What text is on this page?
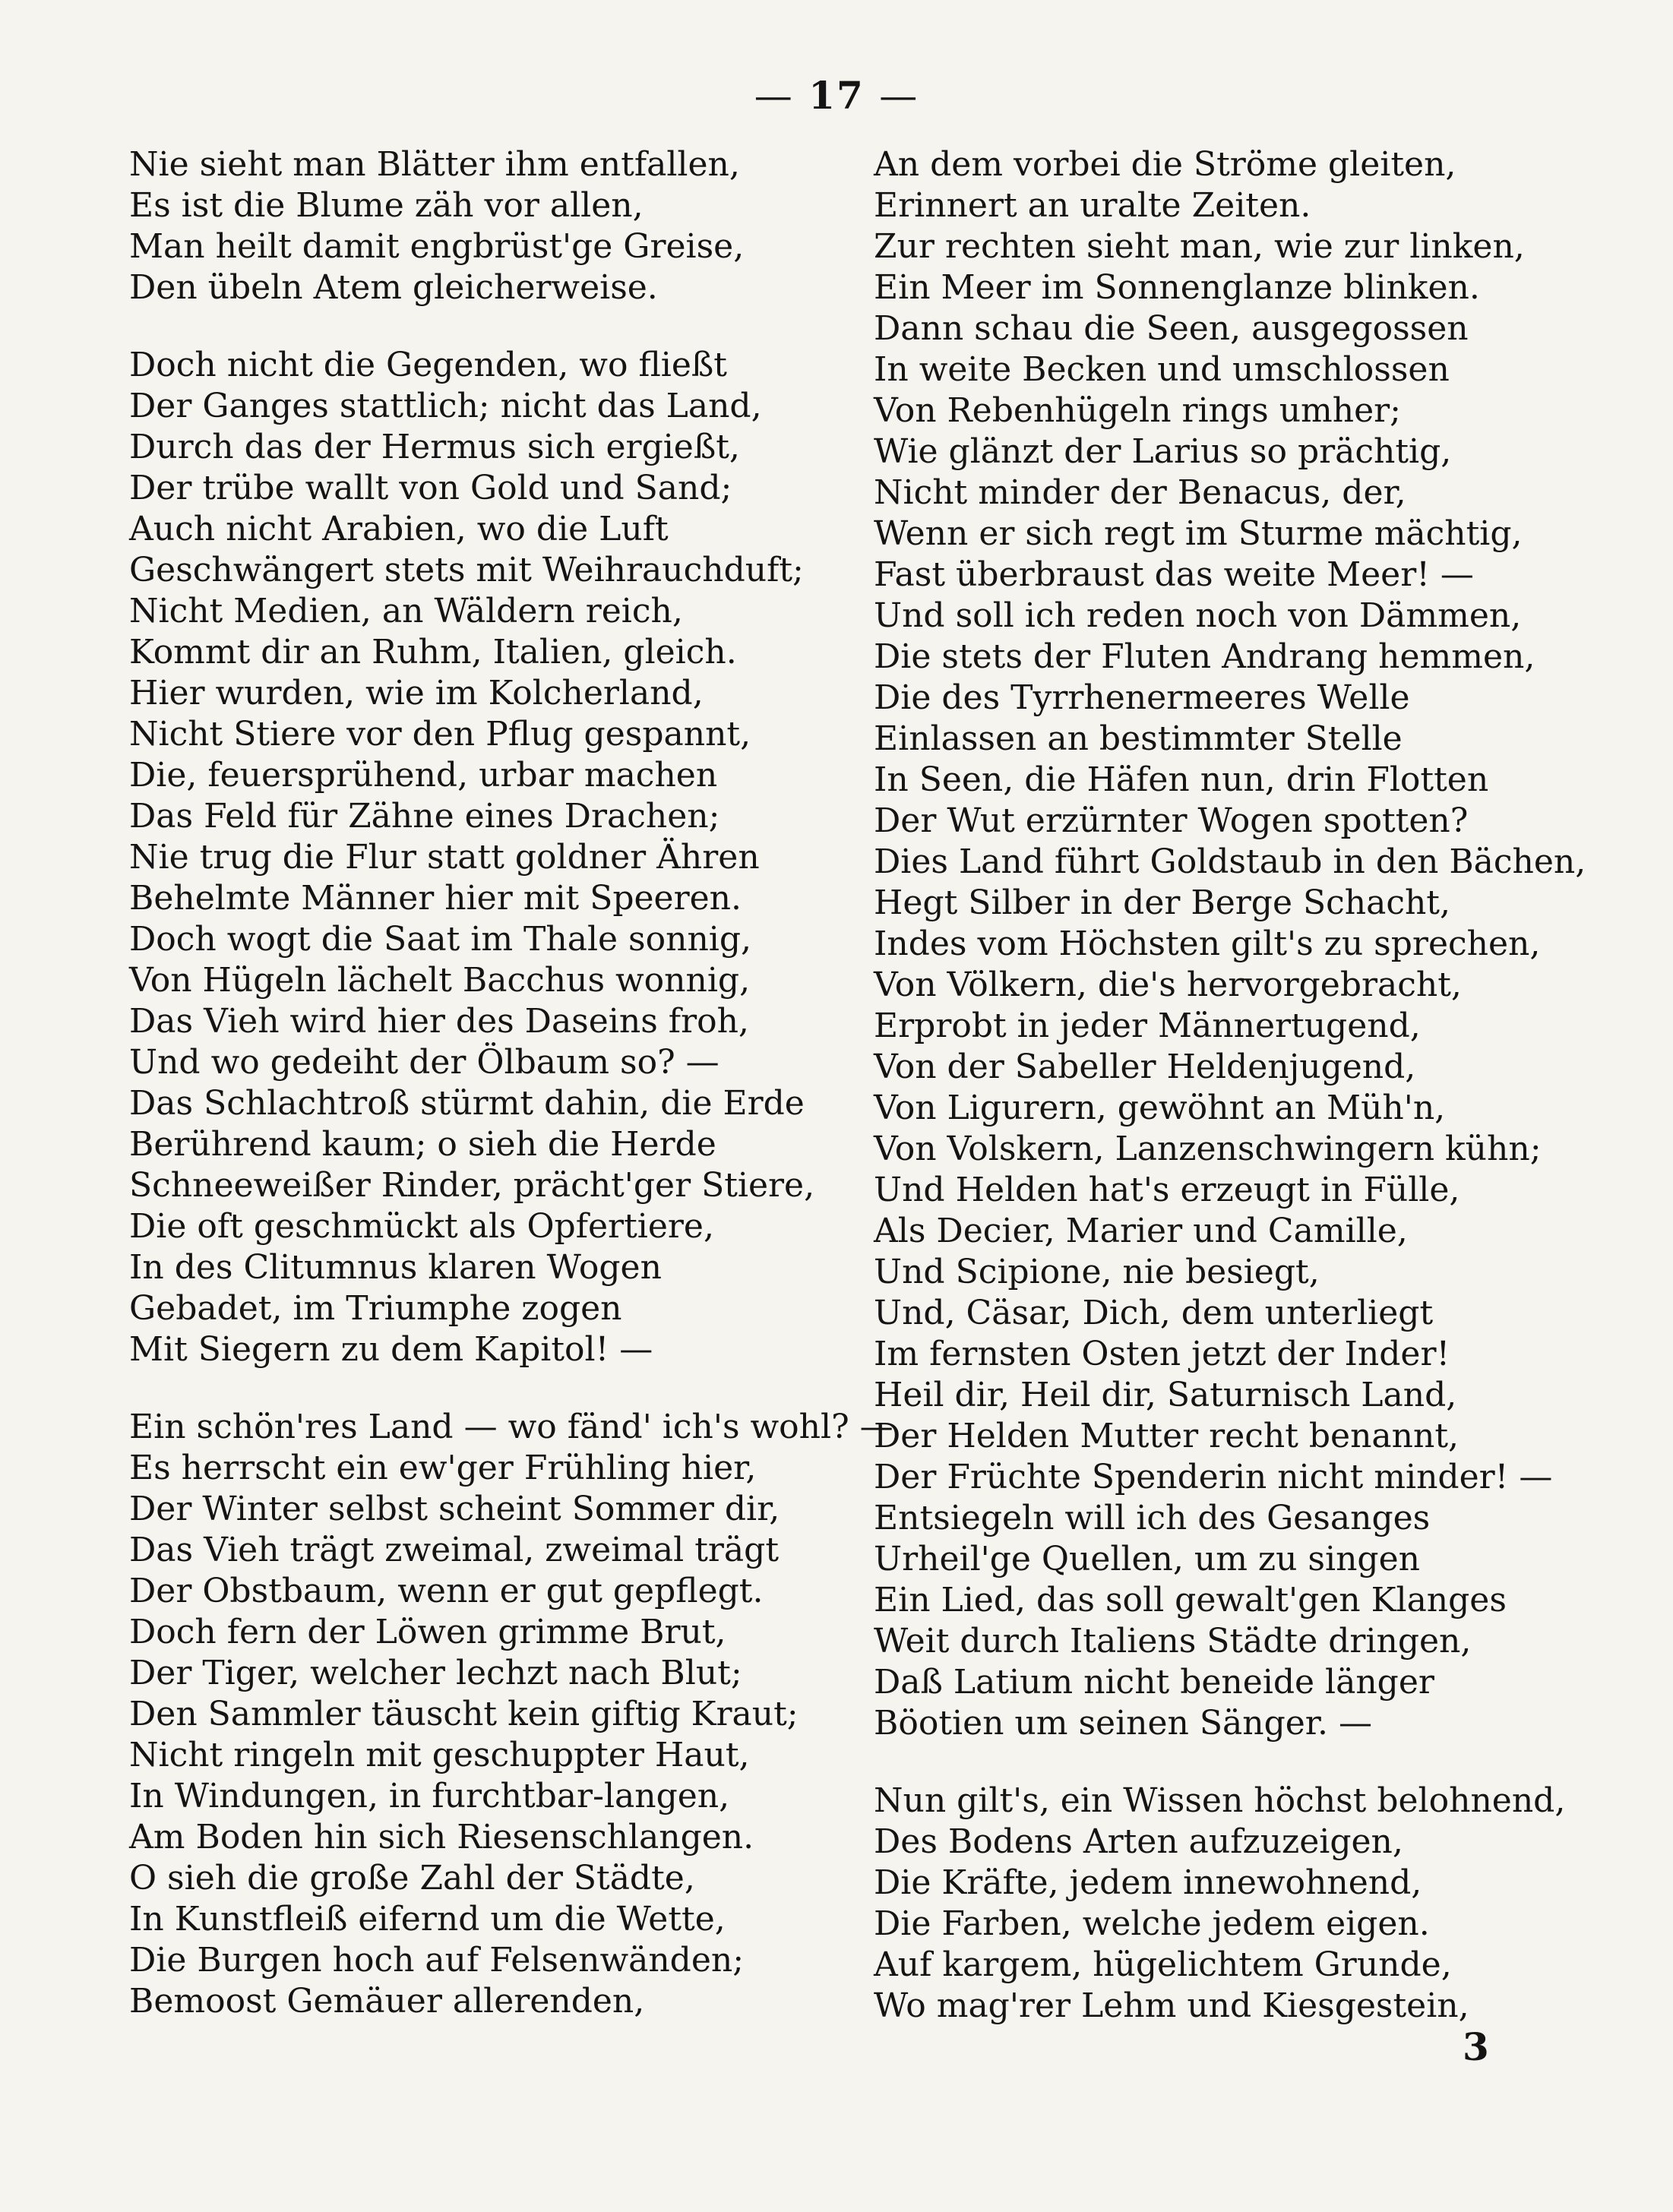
— 17 —
Nie sieht man Blätter ihm entfallen,
Es ist die Blume zäh vor allen,
Man heilt damit engbrüst'ge Greise,
Den übeln Atem gleicherweise.
Doch nicht die Gegenden, wo fließt
Der Ganges stattlich; nicht das Land,
Durch das der Hermus sich ergießt,
Der trübe wallt von Gold und Sand;
Auch nicht Arabien, wo die Luft
Geschwängert stets mit Weihrauchduft;
Nicht Medien, an Wäldern reich,
Kommt dir an Ruhm, Italien, gleich.
Hier wurden, wie im Kolcherland,
Nicht Stiere vor den Pflug gespannt,
Die, feuersprühend, urbar machen
Das Feld für Zähne eines Drachen;
Nie trug die Flur statt goldner Ähren
Behelmte Männer hier mit Speeren.
Doch wogt die Saat im Thale sonnig,
Von Hügeln lächelt Bacchus wonnig,
Das Vieh wird hier des Daseins froh,
Und wo gedeiht der Ölbaum so? —
Das Schlachtroß stürmt dahin, die Erde
Berührend kaum; o sieh die Herde
Schneeweißer Rinder, prächt'ger Stiere,
Die oft geschmückt als Opfertiere,
In des Clitumnus klaren Wogen
Gebadet, im Triumphe zogen
Mit Siegern zu dem Kapitol! —
Ein schön'res Land — wo fänd' ich's wohl? —
Es herrscht ein ew'ger Frühling hier,
Der Winter selbst scheint Sommer dir,
Das Vieh trägt zweimal, zweimal trägt
Der Obstbaum, wenn er gut gepflegt.
Doch fern der Löwen grimme Brut,
Der Tiger, welcher lechzt nach Blut;
Den Sammler täuscht kein giftig Kraut;
Nicht ringeln mit geschuppter Haut,
In Windungen, in furchtbar-langen,
Am Boden hin sich Riesenschlangen.
O sieh die große Zahl der Städte,
In Kunstfleiß eifernd um die Wette,
Die Burgen hoch auf Felsenwänden;
Bemoost Gemäuer allerenden,
An dem vorbei die Ströme gleiten,
Erinnert an uralte Zeiten.
Zur rechten sieht man, wie zur linken,
Ein Meer im Sonnenglanze blinken.
Dann schau die Seen, ausgegossen
In weite Becken und umschlossen
Von Rebenhügeln rings umher;
Wie glänzt der Larius so prächtig,
Nicht minder der Benacus, der,
Wenn er sich regt im Sturme mächtig,
Fast überbraust das weite Meer! —
Und soll ich reden noch von Dämmen,
Die stets der Fluten Andrang hemmen,
Die des Tyrrhenermeeres Welle
Einlassen an bestimmter Stelle
In Seen, die Häfen nun, drin Flotten
Der Wut erzürnter Wogen spotten?
Dies Land führt Goldstaub in den Bächen,
Hegt Silber in der Berge Schacht,
Indes vom Höchsten gilt's zu sprechen,
Von Völkern, die's hervorgebracht,
Erprobt in jeder Männertugend,
Von der Sabeller Heldenjugend,
Von Ligurern, gewöhnt an Müh'n,
Von Volskern, Lanzenschwingern kühn;
Und Helden hat's erzeugt in Fülle,
Als Decier, Marier und Camille,
Und Scipione, nie besiegt,
Und, Cäsar, Dich, dem unterliegt
Im fernsten Osten jetzt der Inder!
Heil dir, Heil dir, Saturnisch Land,
Der Helden Mutter recht benannt,
Der Früchte Spenderin nicht minder! —
Entsiegeln will ich des Gesanges
Urheil'ge Quellen, um zu singen
Ein Lied, das soll gewalt'gen Klanges
Weit durch Italiens Städte dringen,
Daß Latium nicht beneide länger
Böotien um seinen Sänger. —
Nun gilt's, ein Wissen höchst belohnend,
Des Bodens Arten aufzuzeigen,
Die Kräfte, jedem innewohnend,
Die Farben, welche jedem eigen.
Auf kargem, hügelichtem Grunde,
Wo mag'rer Lehm und Kiesgestein,
3
